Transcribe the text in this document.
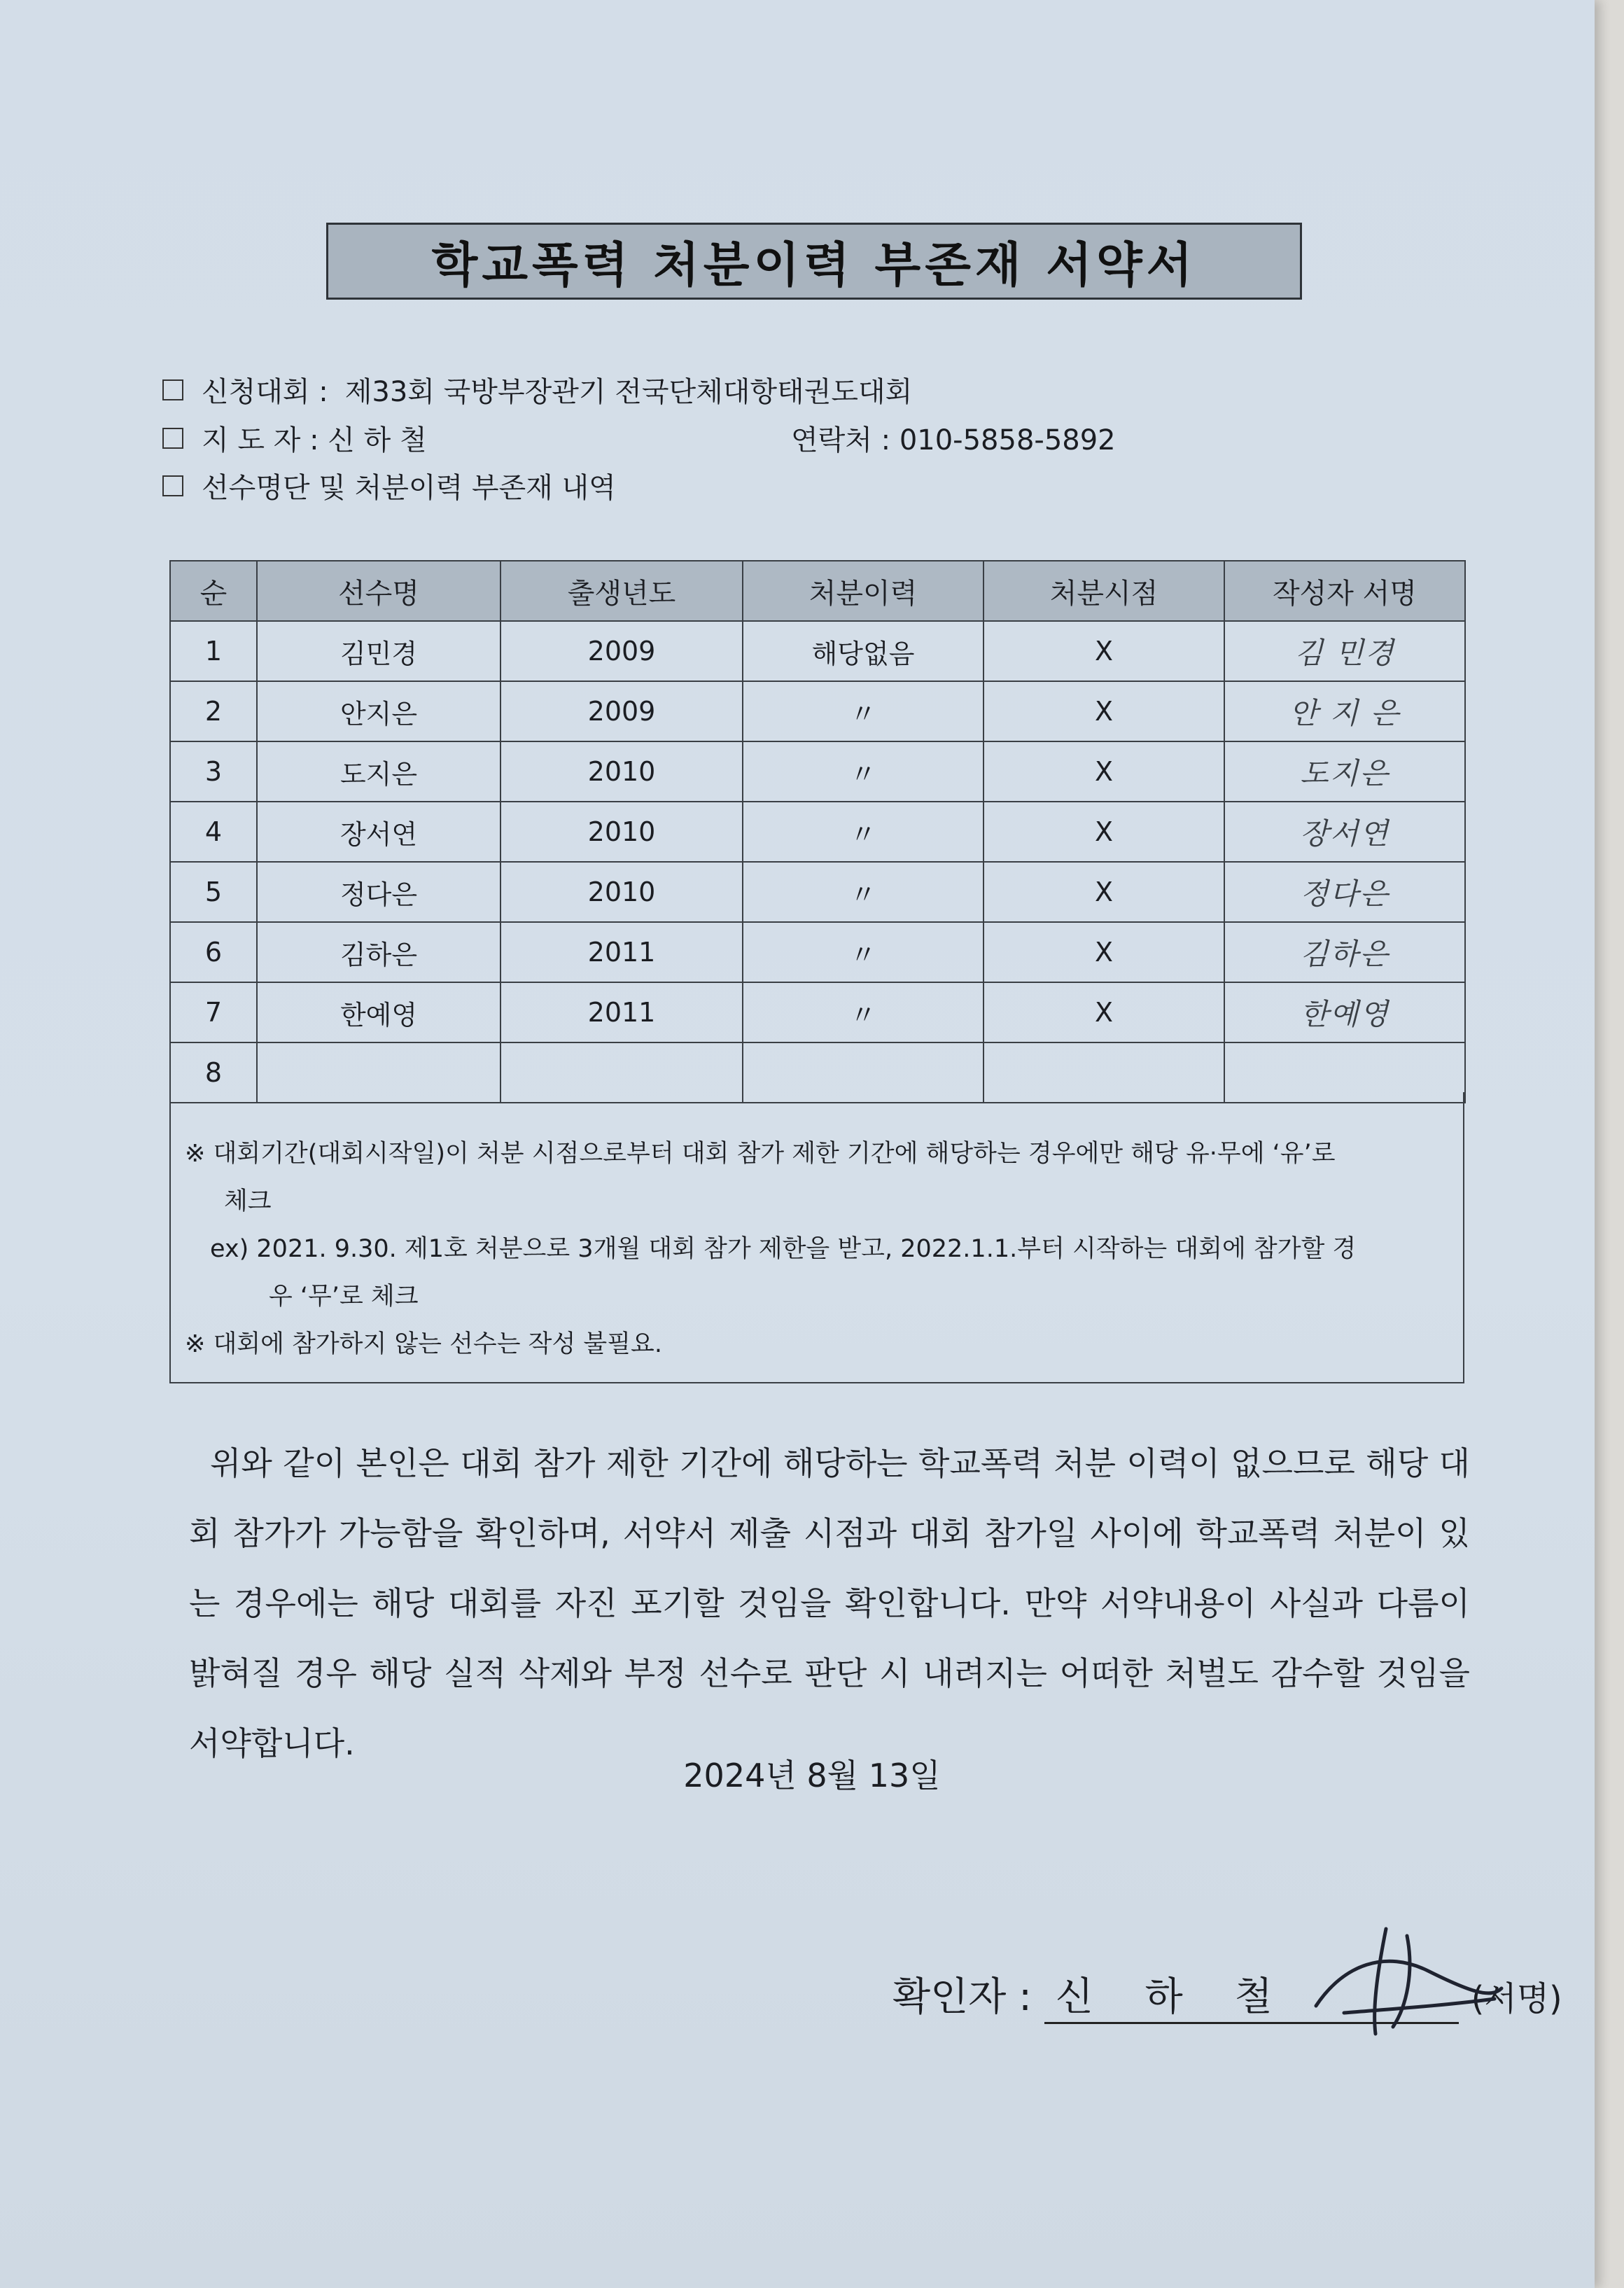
학교폭력 처분이력 부존재 서약서
신청대회 : 제33회 국방부장관기 전국단체대항태권도대회
지 도 자 : 신 하 철	연락처 : 010-5858-5892
선수명단 및 처분이력 부존재 내역
순	선수명	출생년도	처분이력	처분시점	작성자 서명
1	김민경	2009	해당없음	X	김 민경
2	안지은	2009	〃	X	안 지 은
3	도지은	2010	〃	X	도지은
4	장서연	2010	〃	X	장서연
5	정다은	2010	〃	X	정다은
6	김하은	2011	〃	X	김하은
7	한예영	2011	〃	X	한예영
8					

※ 대회기간(대회시작일)이 처분 시점으로부터 대회 참가 제한 기간에 해당하는 경우에만 해당 유·무에 ‘유’로

체크

ex) 2021. 9.30. 제1호 처분으로 3개월 대회 참가 제한을 받고, 2022.1.1.부터 시작하는 대회에 참가할 경

우 ‘무’로 체크

※ 대회에 참가하지 않는 선수는 작성 불필요.

위와 같이 본인은 대회 참가 제한 기간에 해당하는 학교폭력 처분 이력이 없으므로 해당 대회 참가가 가능함을 확인하며, 서약서 제출 시점과 대회 참가일 사이에 학교폭력 처분이 있는 경우에는 해당 대회를 자진 포기할 것임을 확인합니다. 만약 서약내용이 사실과 다름이 밝혀질 경우 해당 실적 삭제와 부정 선수로 판단 시 내려지는 어떠한 처벌도 감수할 것임을 서약합니다.
2024년 8월 13일
확인자 : 신 하 철	(서명)
